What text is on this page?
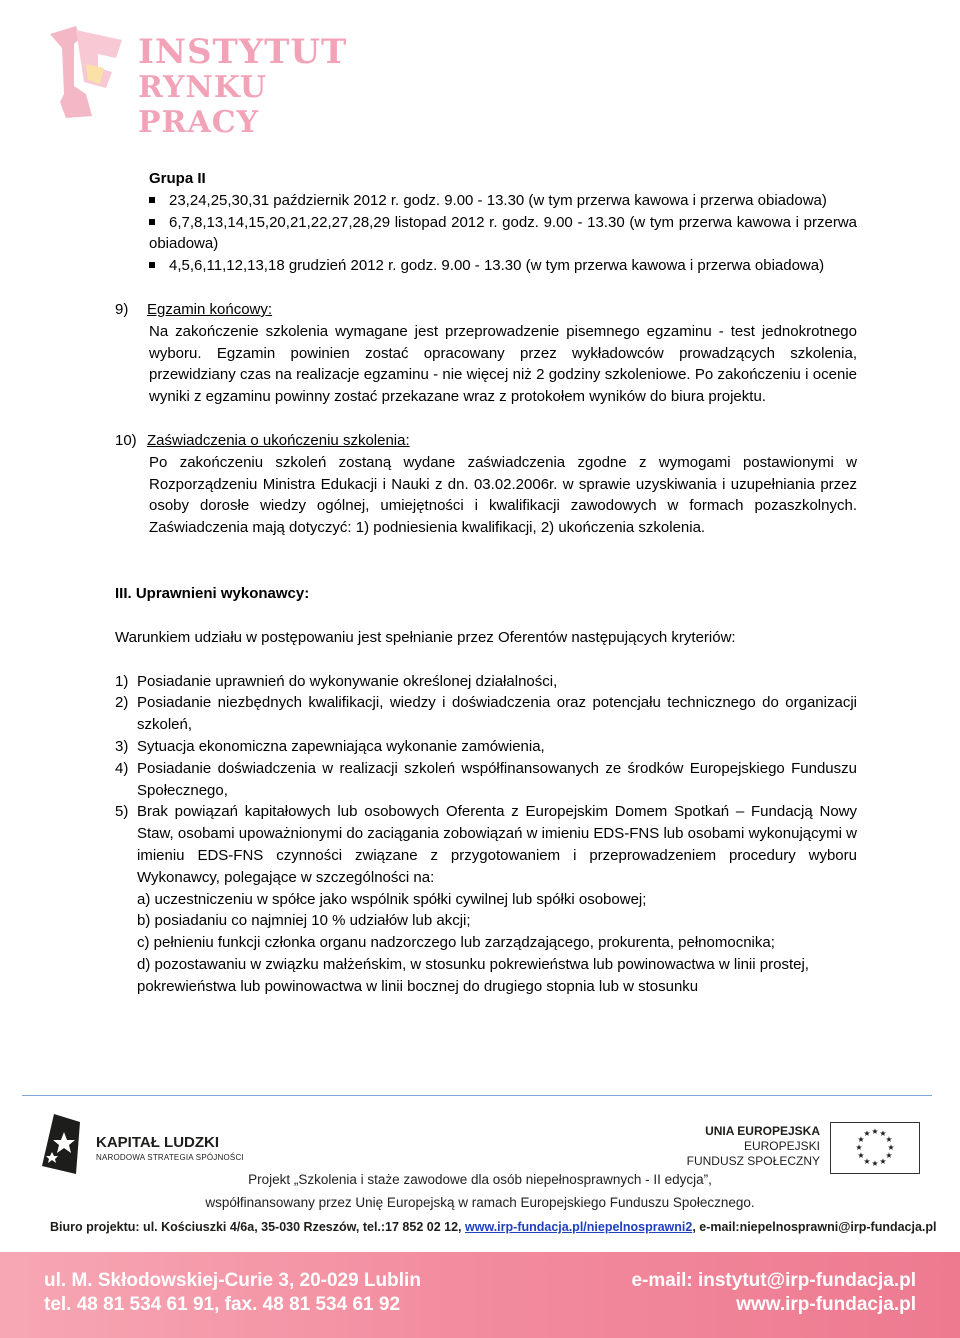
INSTYTUT
RYNKU PRACY

Grupa II

23,24,25,30,31 październik 2012 r. godz. 9.00 - 13.30 (w tym przerwa kawowa i przerwa obiadowa)
6,7,8,13,14,15,20,21,22,27,28,29 listopad 2012 r. godz. 9.00 - 13.30 (w tym przerwa kawowa i przerwa obiadowa)
4,5,6,11,12,13,18 grudzień 2012 r. godz. 9.00 - 13.30 (w tym przerwa kawowa i przerwa obiadowa)
9)	Egzamin końcowy:

Na zakończenie szkolenia wymagane jest przeprowadzenie pisemnego egzaminu - test jednokrotnego wyboru. Egzamin powinien zostać opracowany przez wykładowców prowadzących szkolenia, przewidziany czas na realizacje egzaminu - nie więcej niż 2 godziny szkoleniowe. Po zakończeniu i ocenie wyniki z egzaminu powinny zostać przekazane wraz z protokołem wyników do biura projektu.

10) Zaświadczenia o ukończeniu szkolenia:

Po zakończeniu szkoleń zostaną wydane zaświadczenia zgodne z wymogami postawionymi w Rozporządzeniu Ministra Edukacji i Nauki z dn. 03.02.2006r. w sprawie uzyskiwania i uzupełniania przez osoby dorosłe wiedzy ogólnej, umiejętności i kwalifikacji zawodowych w formach pozaszkolnych. Zaświadczenia mają dotyczyć: 1) podniesienia kwalifikacji, 2) ukończenia szkolenia.

III. Uprawnieni wykonawcy:

Warunkiem udziału w postępowaniu jest spełnianie przez Oferentów następujących kryteriów:

1) Posiadanie uprawnień do wykonywanie określonej działalności,
2) Posiadanie niezbędnych kwalifikacji, wiedzy i doświadczenia oraz potencjału technicznego do organizacji szkoleń,
3) Sytuacja ekonomiczna zapewniająca wykonanie zamówienia,
4) Posiadanie doświadczenia w realizacji szkoleń współfinansowanych ze środków Europejskiego Funduszu Społecznego,
5) Brak powiązań kapitałowych lub osobowych Oferenta z Europejskim Domem Spotkań – Fundacją Nowy Staw, osobami upoważnionymi do zaciągania zobowiązań w imieniu EDS-FNS lub osobami wykonującymi w imieniu EDS-FNS czynności związane z przygotowaniem i przeprowadzeniem procedury wyboru Wykonawcy, polegające w szczególności na:
a) uczestniczeniu w spółce jako wspólnik spółki cywilnej lub spółki osobowej;
b) posiadaniu co najmniej 10 % udziałów lub akcji;
c) pełnieniu funkcji członka organu nadzorczego lub zarządzającego, prokurenta, pełnomocnika;
d) pozostawaniu w związku małżeńskim, w stosunku pokrewieństwa lub powinowactwa w linii prostej, pokrewieństwa lub powinowactwa w linii bocznej do drugiego stopnia lub w stosunku
KAPITAŁ LUDZKI
NARODOWA STRATEGIA SPÓJNOŚCI
UNIA EUROPEJSKA
EUROPEJSKI
FUNDUSZ SPOŁECZNY
★ ★
★
★
★
★
★
★
★
★
★
★
Projekt „Szkolenia i staże zawodowe dla osób niepełnosprawnych - II edycja”,
współfinansowany przez Unię Europejską w ramach Europejskiego Funduszu Społecznego.
Biuro projektu: ul. Kościuszki 4/6a, 35-030 Rzeszów, tel.:17 852 02 12, www.irp-fundacja.pl/niepelnosprawni2, e-mail:niepelnosprawni@irp-fundacja.pl
ul. M. Skłodowskiej-Curie 3, 20-029 Lublin
tel. 48 81 534 61 91, fax. 48 81 534 61 92
e-mail: instytut@irp-fundacja.pl
www.irp-fundacja.pl
